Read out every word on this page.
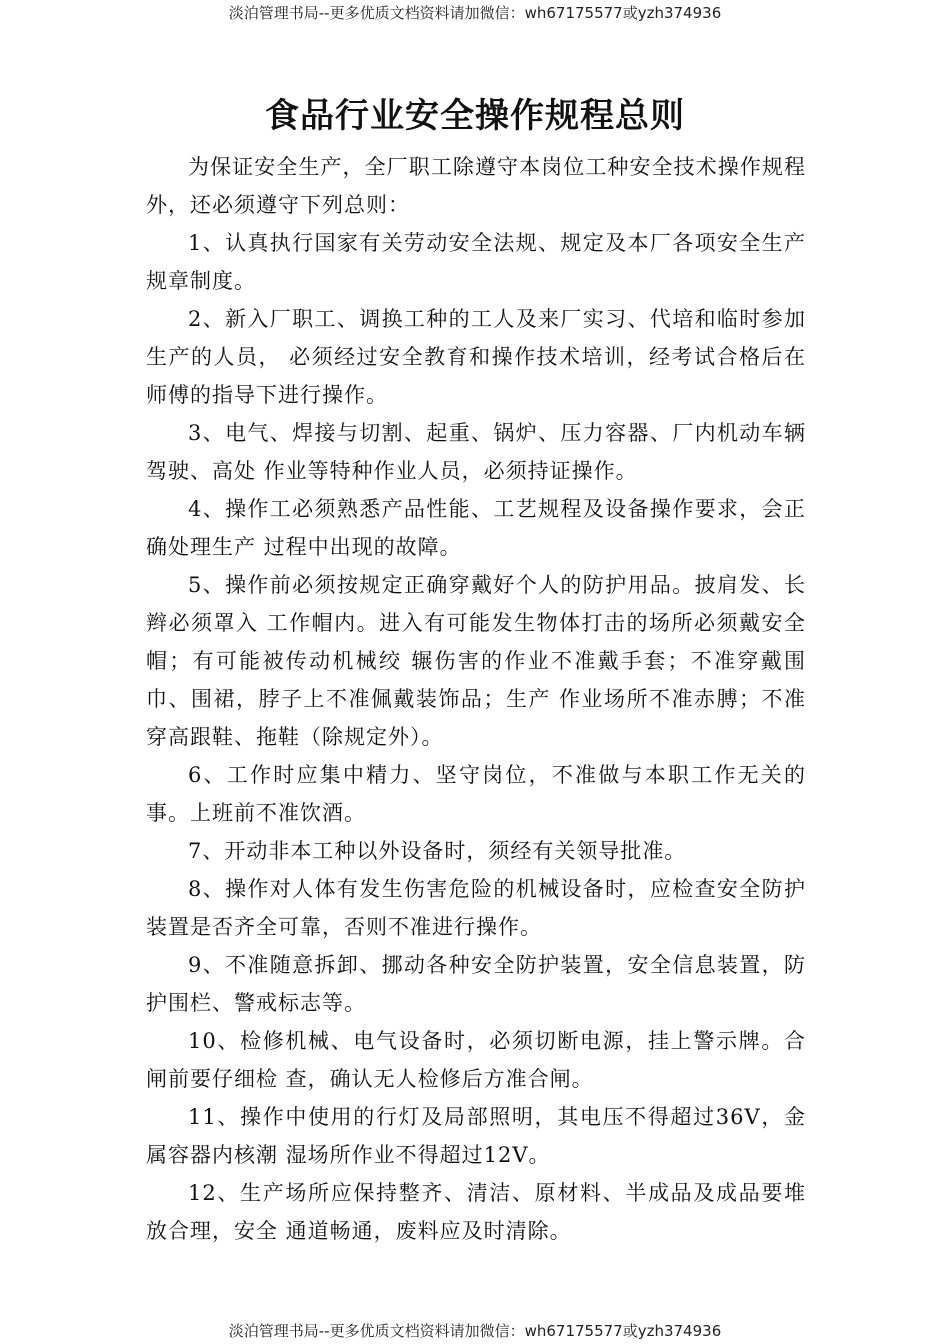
淡泊管理书局--更多优质文档资料请加微信：wh67175577或yzh374936
食品行业安全操作规程总则

为保证安全生产，全厂职工除遵守本岗位工种安全技术操作规程外，还必须遵守下列总则：

1、认真执行国家有关劳动安全法规、规定及本厂各项安全生产规章制度。

2、新入厂职工、调换工种的工人及来厂实习、代培和临时参加生产的人员， 必须经过安全教育和操作技术培训，经考试合格后在师傅的指导下进行操作。

3、电气、焊接与切割、起重、锅炉、压力容器、厂内机动车辆驾驶、高处 作业等特种作业人员，必须持证操作。

4、操作工必须熟悉产品性能、工艺规程及设备操作要求，会正确处理生产 过程中出现的故障。

5、操作前必须按规定正确穿戴好个人的防护用品。披肩发、长辫必须罩入 工作帽内。进入有可能发生物体打击的场所必须戴安全帽；有可能被传动机械绞 辗伤害的作业不准戴手套；不准穿戴围巾、围裙，脖子上不准佩戴装饰品；生产 作业场所不准赤膊；不准穿高跟鞋、拖鞋（除规定外）。

6、工作时应集中精力、坚守岗位，不准做与本职工作无关的事。上班前不准饮酒。

7、开动非本工种以外设备时，须经有关领导批准。

8、操作对人体有发生伤害危险的机械设备时，应检查安全防护装置是否齐全可靠，否则不准进行操作。

9、不准随意拆卸、挪动各种安全防护装置，安全信息装置，防护围栏、警戒标志等。

10、检修机械、电气设备时，必须切断电源，挂上警示牌。合闸前要仔细检 查，确认无人检修后方准合闸。

11、操作中使用的行灯及局部照明，其电压不得超过36V，金属容器内核潮 湿场所作业不得超过12V。

12、生产场所应保持整齐、清洁、原材料、半成品及成品要堆放合理，安全 通道畅通，废料应及时清除。

淡泊管理书局--更多优质文档资料请加微信：wh67175577或yzh374936
